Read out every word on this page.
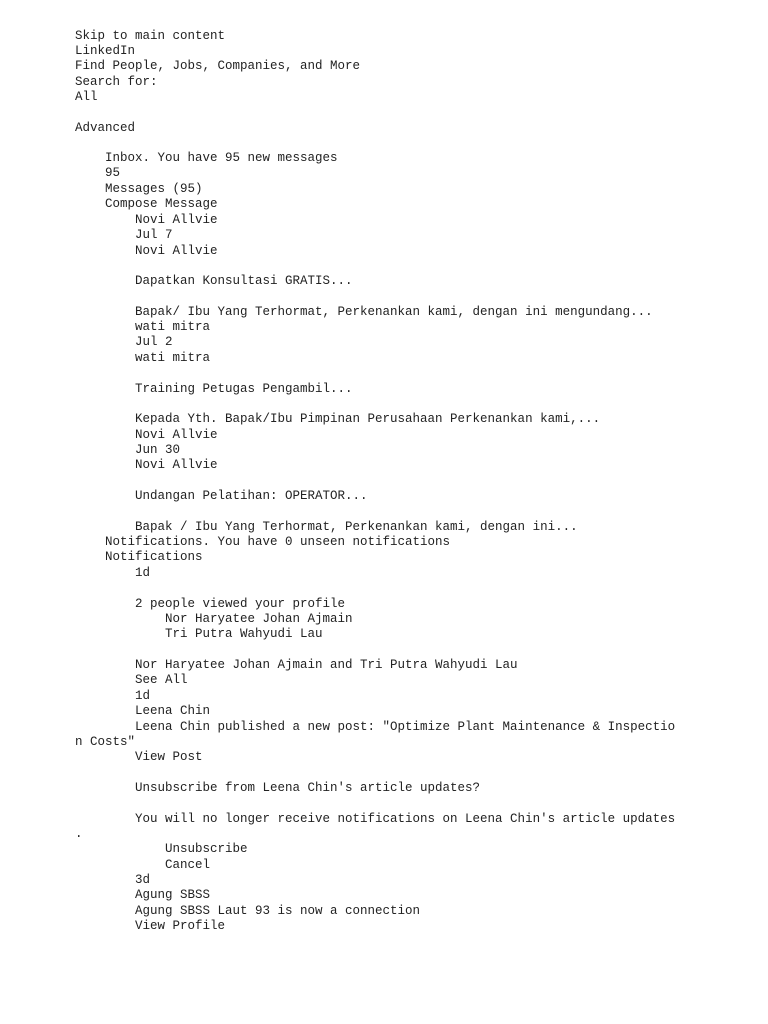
Skip to main content
LinkedIn
Find People, Jobs, Companies, and More
Search for:
All
Advanced
Inbox. You have 95 new messages
95
Messages (95)
Compose Message
Novi Allvie
Jul 7
Novi Allvie
Dapatkan Konsultasi GRATIS...
Bapak/ Ibu Yang Terhormat, Perkenankan kami, dengan ini mengundang...
wati mitra
Jul 2
wati mitra
Training Petugas Pengambil...
Kepada Yth. Bapak/Ibu Pimpinan Perusahaan Perkenankan kami,...
Novi Allvie
Jun 30
Novi Allvie
Undangan Pelatihan: OPERATOR...
Bapak / Ibu Yang Terhormat, Perkenankan kami, dengan ini...
Notifications. You have 0 unseen notifications
Notifications
1d
2 people viewed your profile
Nor Haryatee Johan Ajmain
Tri Putra Wahyudi Lau
Nor Haryatee Johan Ajmain and Tri Putra Wahyudi Lau
See All
1d
Leena Chin
Leena Chin published a new post: "Optimize Plant Maintenance & Inspectio
n Costs"
View Post
Unsubscribe from Leena Chin's article updates?
You will no longer receive notifications on Leena Chin's article updates
.
Unsubscribe
Cancel
3d
Agung SBSS
Agung SBSS Laut 93 is now a connection
View Profile
